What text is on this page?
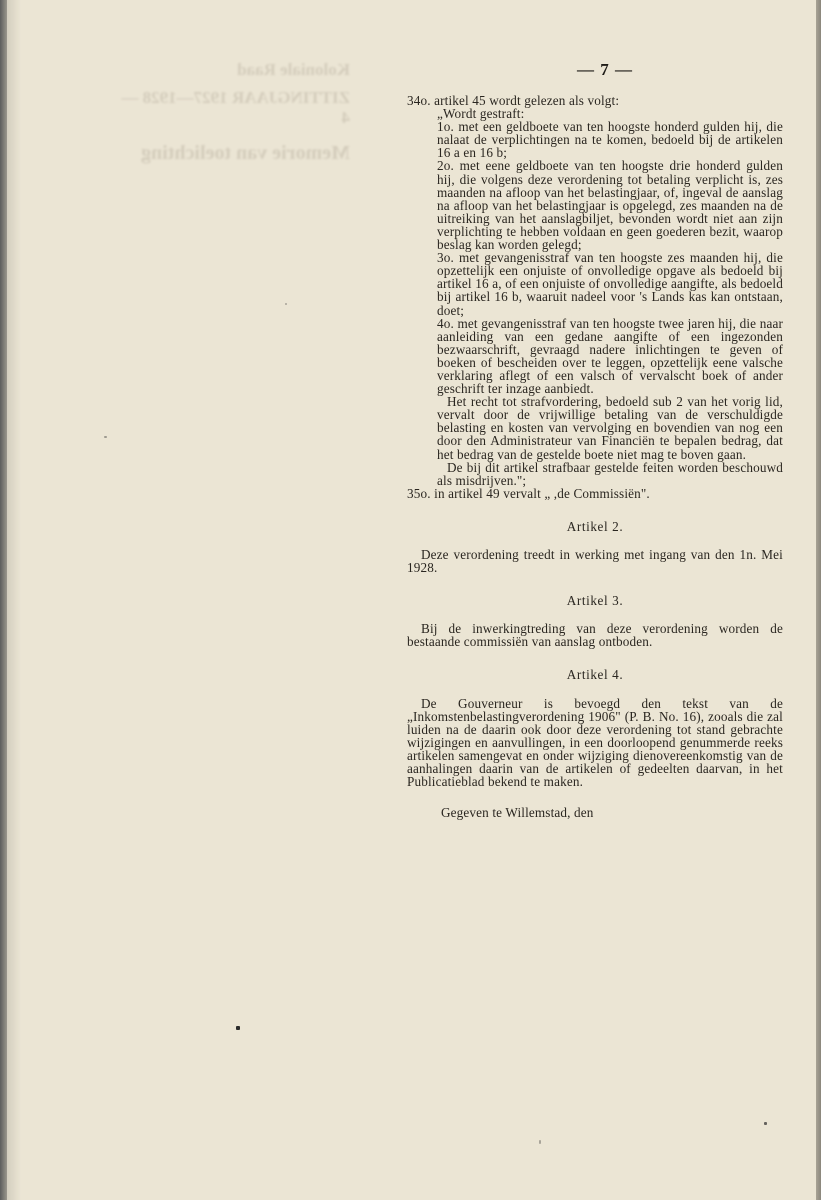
Koloniale Raad
ZITTINGJAAR 1927—1928 — 4
Memorie van toelichting
— 7 —

34o. artikel 45 wordt gelezen als volgt:

„Wordt gestraft:

1o. met een geldboete van ten hoogste honderd gulden hij, die nalaat de verplichtingen na te komen, bedoeld bij de artikelen 16 a en 16 b;

2o. met eene geldboete van ten hoogste drie honderd gulden hij, die volgens deze verordening tot betaling verplicht is, zes maanden na afloop van het belastingjaar, of, ingeval de aanslag na afloop van het belastingjaar is opgelegd, zes maanden na de uitreiking van het aanslagbiljet, bevonden wordt niet aan zijn verplichting te hebben voldaan en geen goederen bezit, waarop beslag kan worden gelegd;

3o. met gevangenisstraf van ten hoogste zes maanden hij, die opzettelijk een onjuiste of onvolledige opgave als bedoeld bij artikel 16 a, of een onjuiste of onvolledige aangifte, als bedoeld bij artikel 16 b, waaruit nadeel voor 's Lands kas kan ontstaan, doet;

4o. met gevangenisstraf van ten hoogste twee jaren hij, die naar aanleiding van een gedane aangifte of een ingezonden bezwaarschrift, gevraagd nadere inlichtingen te geven of boeken of bescheiden over te leggen, opzettelijk eene valsche verklaring aflegt of een valsch of vervalscht boek of ander geschrift ter inzage aanbiedt.

Het recht tot strafvordering, bedoeld sub 2 van het vorig lid, vervalt door de vrijwillige betaling van de verschuldigde belasting en kosten van vervolging en bovendien van nog een door den Administrateur van Financiën te bepalen bedrag, dat het bedrag van de gestelde boete niet mag te boven gaan.

De bij dit artikel strafbaar gestelde feiten worden beschouwd als misdrijven.";

35o. in artikel 49 vervalt „ ,de Commissiën".

Artikel 2.

Deze verordening treedt in werking met ingang van den 1n. Mei 1928.

Artikel 3.

Bij de inwerkingtreding van deze verordening worden de bestaande commissiën van aanslag ontboden.

Artikel 4.

De Gouverneur is bevoegd den tekst van de „Inkomstenbelastingverordening 1906" (P. B. No. 16), zooals die zal luiden na de daarin ook door deze verordening tot stand gebrachte wijzigingen en aanvullingen, in een doorloopend genummerde reeks artikelen samengevat en onder wijziging dienovereenkomstig van de aanhalingen daarin van de artikelen of gedeelten daarvan, in het Publicatieblad bekend te maken.

Gegeven te Willemstad, den
